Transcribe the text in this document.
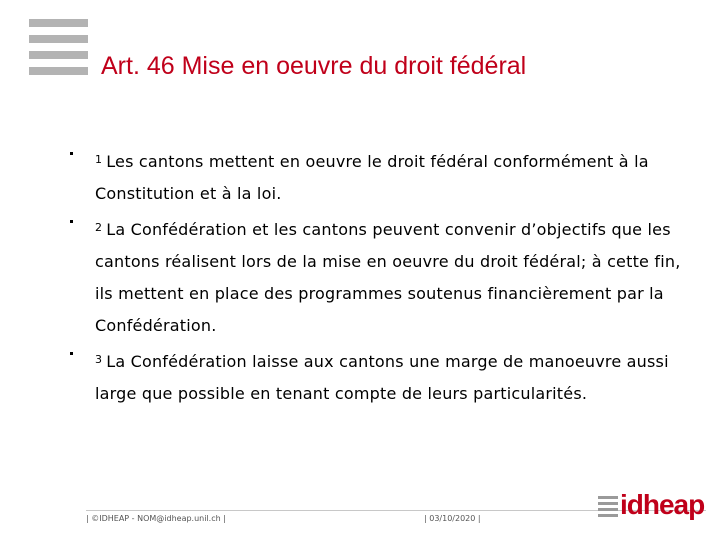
Art. 46 Mise en oeuvre du droit fédéral

$^1$ Les cantons mettent en oeuvre le droit fédéral conformément à la Constitution et à la loi.

$^2$ La Confédération et les cantons peuvent convenir d’objectifs que les cantons réalisent lors de la mise en oeuvre du droit fédéral; à cette fin, ils mettent en place des programmes soutenus financièrement par la Confédération.

$^3$ La Confédération laisse aux cantons une marge de manoeuvre aussi large que possible en tenant compte de leurs particularités.

| ©IDHEAP - NOM@idheap.unil.ch |	| 03/10/2020 |	idheap
